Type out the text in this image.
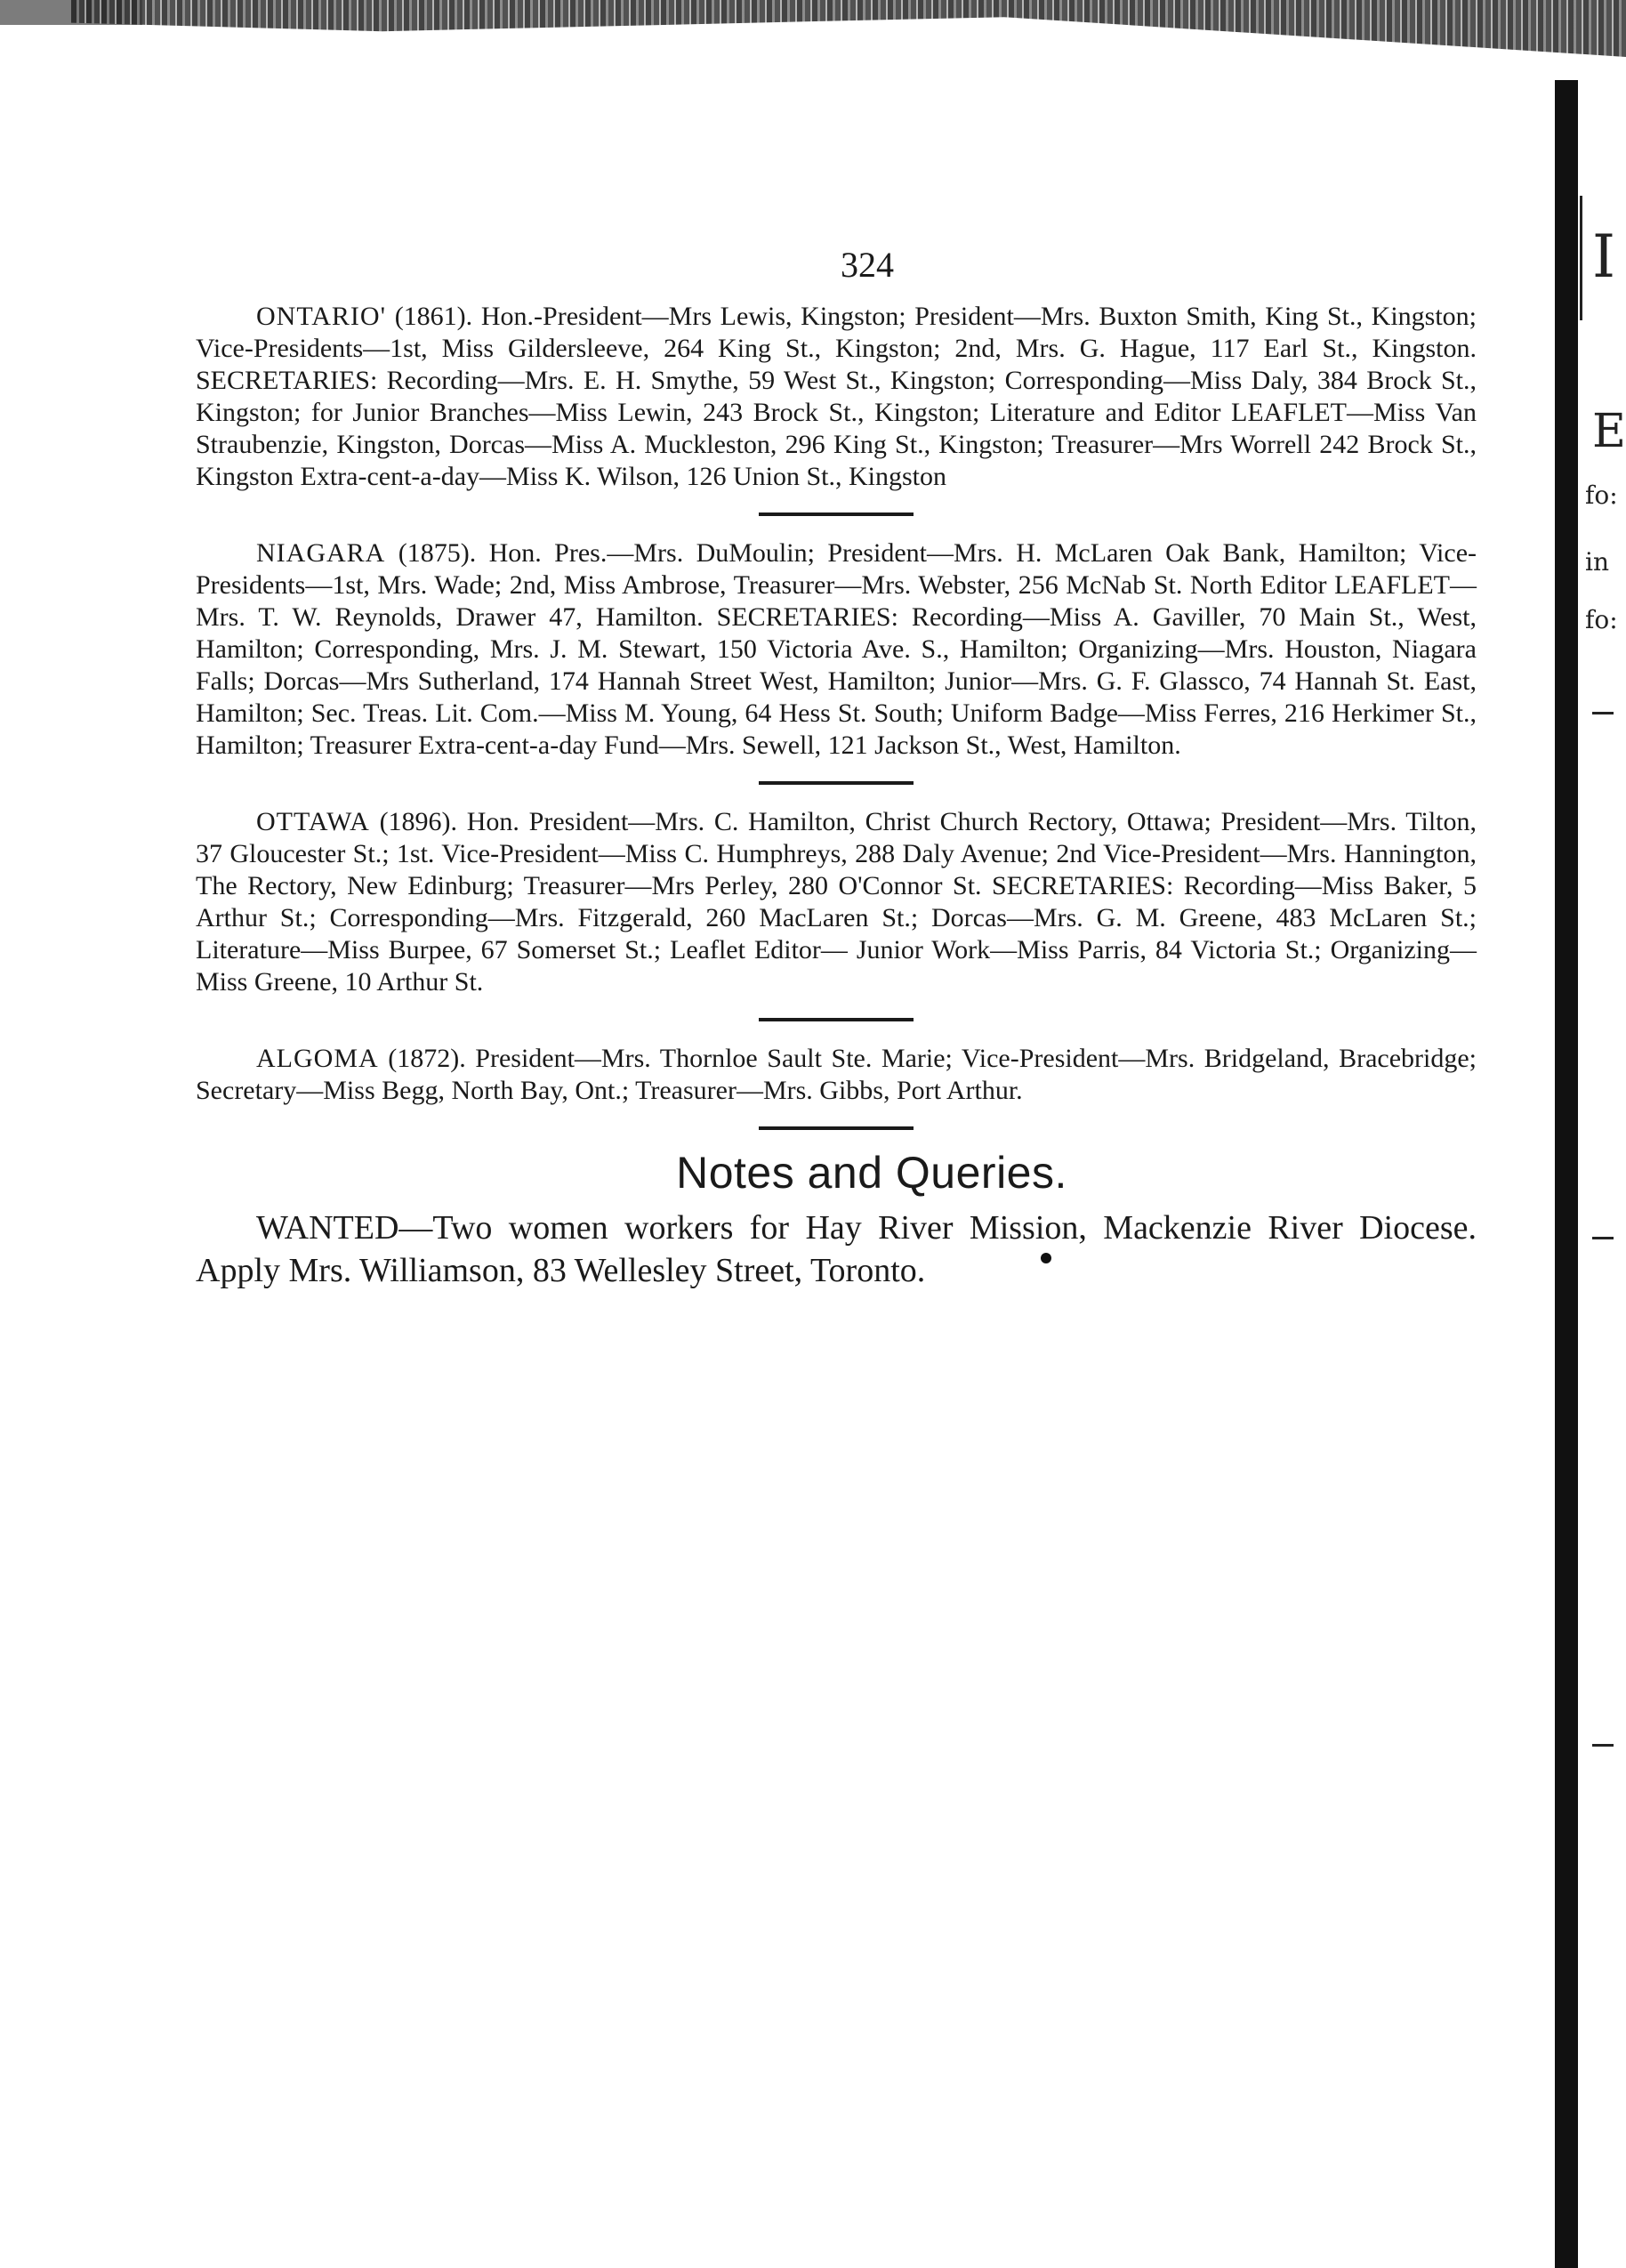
I
E
fo:
in
fo:
324

ONTARIO' (1861). Hon.-President—Mrs Lewis, Kingston; President—Mrs. Buxton Smith, King St., Kingston; Vice-Presidents—1st, Miss Gildersleeve, 264 King St., Kingston; 2nd, Mrs. G. Hague, 117 Earl St., Kingston. SECRETARIES: Recording—Mrs. E. H. Smythe, 59 West St., Kingston; Corresponding—Miss Daly, 384 Brock St., Kingston; for Junior Branches—Miss Lewin, 243 Brock St., Kingston; Literature and Editor LEAFLET—Miss Van Straubenzie, Kingston, Dorcas—Miss A. Muckleston, 296 King St., Kingston; Treasurer—Mrs Worrell 242 Brock St., Kingston Extra-cent-a-day—Miss K. Wilson, 126 Union St., Kingston

NIAGARA (1875). Hon. Pres.—Mrs. DuMoulin; President—Mrs. H. McLaren Oak Bank, Hamilton; Vice-Presidents—1st, Mrs. Wade; 2nd, Miss Ambrose, Treasurer—Mrs. Webster, 256 McNab St. North Editor LEAFLET—Mrs. T. W. Reynolds, Drawer 47, Hamilton. SECRETARIES: Recording—Miss A. Gaviller, 70 Main St., West, Hamilton; Corresponding, Mrs. J. M. Stewart, 150 Victoria Ave. S., Hamilton; Organizing—Mrs. Houston, Niagara Falls; Dorcas—Mrs Sutherland, 174 Hannah Street West, Hamilton; Junior—Mrs. G. F. Glassco, 74 Hannah St. East, Hamilton; Sec. Treas. Lit. Com.—Miss M. Young, 64 Hess St. South; Uniform Badge—Miss Ferres, 216 Herkimer St., Hamilton; Treasurer Extra-cent-a-day Fund—Mrs. Sewell, 121 Jackson St., West, Hamilton.

OTTAWA (1896). Hon. President—Mrs. C. Hamilton, Christ Church Rectory, Ottawa; President—Mrs. Tilton, 37 Gloucester St.; 1st. Vice-President—Miss C. Humphreys, 288 Daly Avenue; 2nd Vice-President—Mrs. Hannington, The Rectory, New Edinburg; Treasurer—Mrs Perley, 280 O'Connor St. SECRETARIES: Recording—Miss Baker, 5 Arthur St.; Corresponding—Mrs. Fitzgerald, 260 MacLaren St.; Dorcas—Mrs. G. M. Greene, 483 McLaren St.; Literature—Miss Burpee, 67 Somerset St.; Leaflet Editor— Junior Work—Miss Parris, 84 Victoria St.; Organizing—Miss Greene, 10 Arthur St.

ALGOMA (1872). President—Mrs. Thornloe Sault Ste. Marie; Vice-President—Mrs. Bridgeland, Bracebridge; Secretary—Miss Begg, North Bay, Ont.; Treasurer—Mrs. Gibbs, Port Arthur.

Notes and Queries.

WANTED—Two women workers for Hay River Mission, Mackenzie River Diocese. Apply Mrs. Williamson, 83 Wellesley Street, Toronto.
